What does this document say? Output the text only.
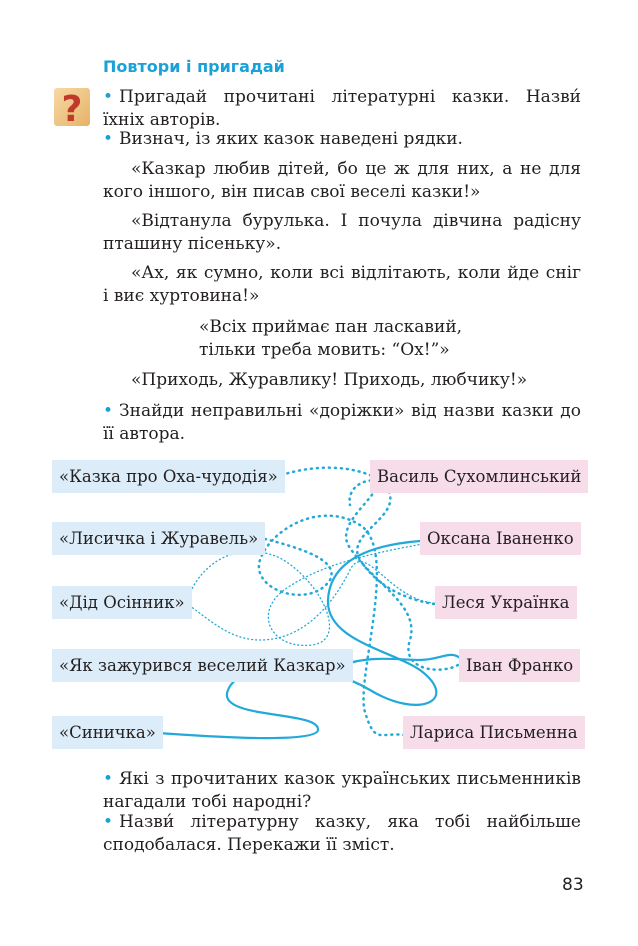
Повтори і пригадай
?
•	Пригадай прочитані літературні казки. Назви́ їхніх авторів.
• Визнач, із яких казок наведені рядки.
«Казкар любив дітей, бо це ж для них, а не для кого іншого, він писав свої веселі казки!»
«Відтанула бурулька. І почула дівчина радісну пташину пісеньку».
«Ах, як сумно, коли всі відлітають, коли йде сніг і виє хуртовина!»
«Всіх приймає пан ласкавий,
тільки треба мовить: “Ох!”»
«Приходь, Журавлику! Приходь, любчику!»
• Знайди неправильні «доріжки» від назви казки до її автора.
«Казка про Оха-чудодія»
«Лисичка і Журавель»
«Дід Осінник»
«Як зажурився веселий Казкар»
«Синичка»
Василь Сухомлинський
Оксана Іваненко
Леся Українка
Іван Франко
Лариса Письменна
• Які з прочитаних казок українських письменників нагадали тобі народні?
• Назви́ літературну казку, яка тобі найбільше сподобалася. Перекажи її зміст.
83
